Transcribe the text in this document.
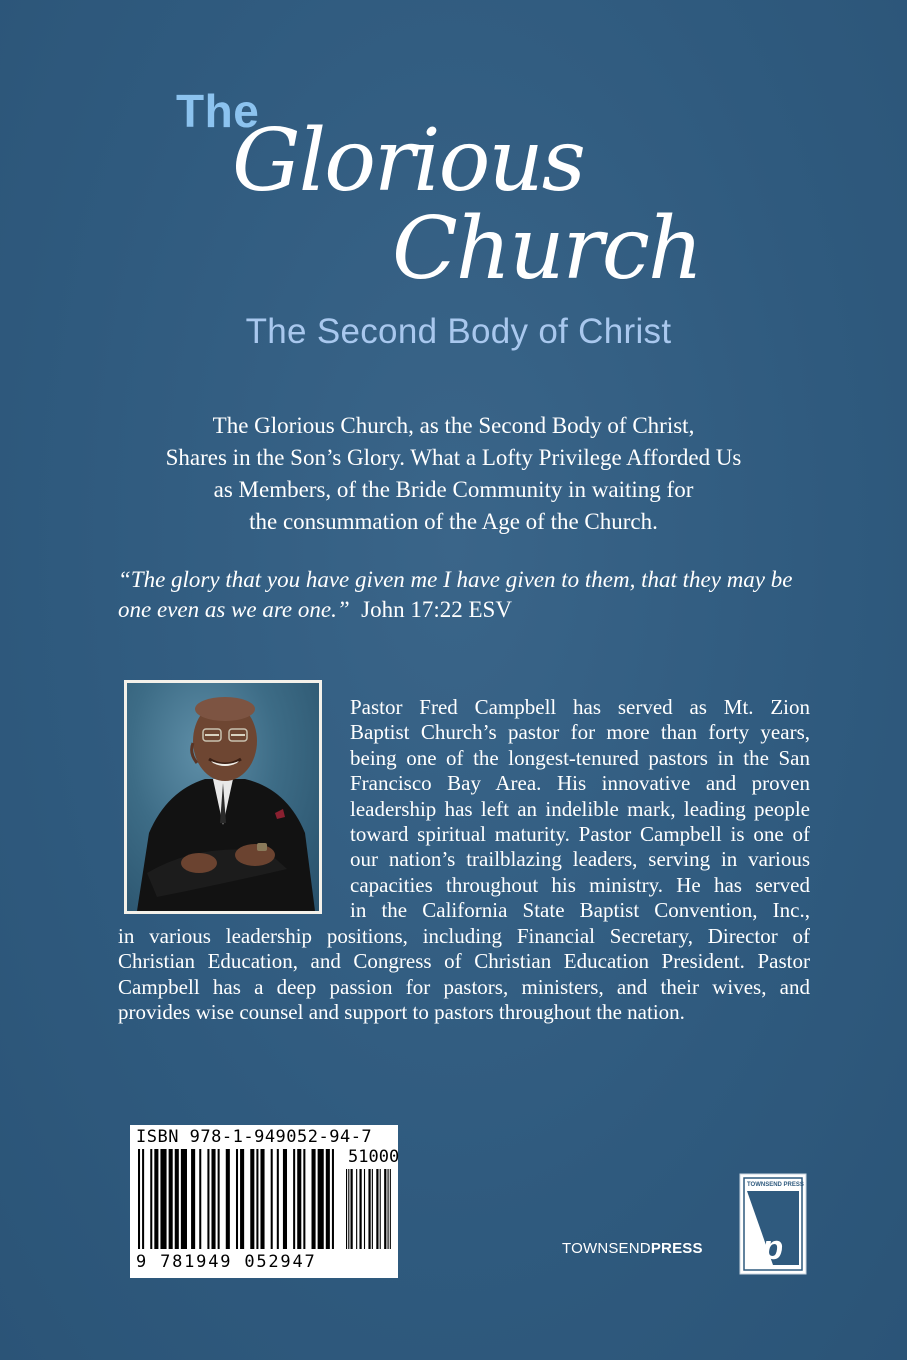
The
Glorious
Church
The Second Body of Christ
The Glorious Church, as the Second Body of Christ,
Shares in the Son’s Glory. What a Lofty Privilege Afforded Us
as Members, of the Bride Community in waiting for
the consummation of the Age of the Church.
“The glory that you have given me I have given to them, that they may be
one even as we are one.” John 17:22 ESV
Pastor Fred Campbell has served as Mt. Zion
Baptist Church’s pastor for more than forty years,
being one of the longest-tenured pastors in the San
Francisco Bay Area. His innovative and proven
leadership has left an indelible mark, leading people
toward spiritual maturity. Pastor Campbell is one of
our nation’s trailblazing leaders, serving in various
capacities throughout his ministry. He has served
in the California State Baptist Convention, Inc.,
in various leadership positions, including Financial Secretary, Director of
Christian Education, and Congress of Christian Education President. Pastor
Campbell has a deep passion for pastors, ministers, and their wives, and
provides wise counsel and support to pastors throughout the nation.
ISBN 978-1-949052-94-7
51000
9 781949 052947
TOWNSENDPRESS
TOWNSEND PRESS
tp
